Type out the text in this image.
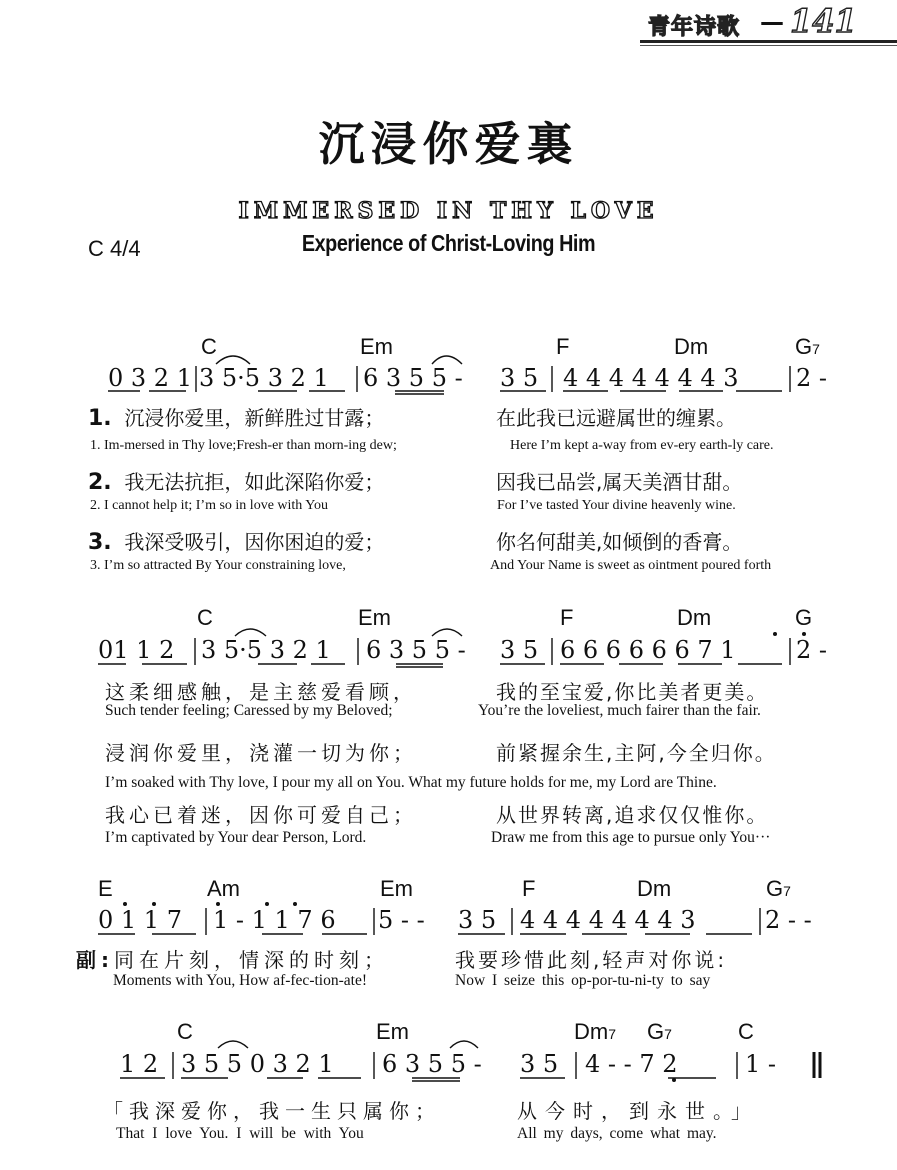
青年诗歌 — 141
沉浸你爱裏
IMMERSED IN THY LOVE
Experience of Christ-Loving Him
C 4/4
C	Em	F	Dm	G7
0 3 2 1 3 5·5 3 2 1 6 3 5 5 - 3 5 4 4 4 4 4 4 4 3 2 -
1. 沉浸你爱里，新鲜胜过甘露；	在此我已远避属世的缠累。
1. Im-mersed in Thy love;Fresh-er than morn-ing dew;	Here I’m kept a-way from ev-ery earth-ly care.
2. 我无法抗拒，如此深陷你爱；	因我已品尝,属天美酒甘甜。
2. I cannot help it; I’m so in love with You	For I’ve tasted Your divine heavenly wine.
3. 我深受吸引，因你困迫的爱；	你名何甜美,如倾倒的香膏。
3. I’m so attracted By Your constraining love,	And Your Name is sweet as ointment poured forth
C	Em	F	Dm	G
01 1 2 3 5·5 3 2 1 6 3 5 5 - 3 5 6 6 6 6 6 6 7 1	2 -
这柔细感触，是主慈爱看顾，	我的至宝爱,你比美者更美。
Such tender feeling; Caressed by my Beloved;	You’re the loveliest, much fairer than the fair.
浸润你爱里，浇灌一切为你；	前紧握余生,主阿,今全归你。
I’m soaked with Thy love, I pour my all on You. What my future holds for me, my Lord are Thine.
我心已着迷，因你可爱自己；	从世界转离,追求仅仅惟你。
I’m captivated by Your dear Person, Lord.	Draw me from this age to pursue only You···
E	Am	Em	F	Dm	G7
0 1 1 7 1 - 1 1 7 6 5 - - 3 5 4 4 4 4 4 4 4 3	2 - -
副:同在片刻，情深的时刻；	我要珍惜此刻,轻声对你说:
Moments with You, How af-fec-tion-ate!	Now I seize this op-por-tu-ni-ty to say
C	Em	Dm7 G7	C
1 2 3 5 5 0 3 2 1 6 3 5 5 - 3 5 4 - - 7 2	1 -
「我深爱你，我一生只属你；	从今时，到永世。」
That I love You. I will be with You	All my days, come what may.
